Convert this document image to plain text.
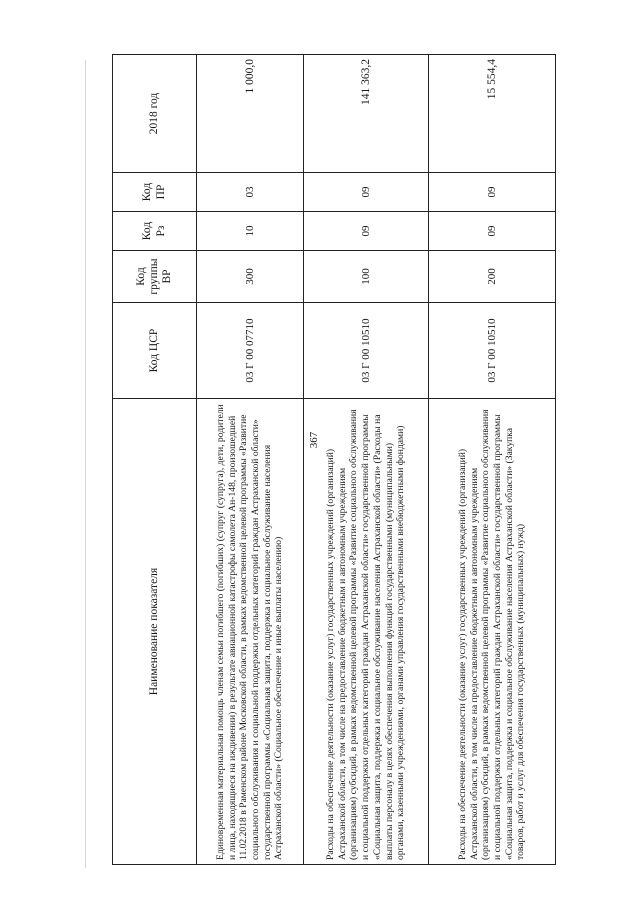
367
Наименование показателя	Код ЦСР	Код группы ВР	Код Рз	Код ПР	2018 год
Единовременная материальная помощь членам семьи погибшего (погибших) (супруг (супруга), дети, родители и лица, находящиеся на иждивении) в результате авиационной катастрофы самолета Ан-148, произошедшей 11.02.2018 в Раменском районе Московской области, в рамках ведомственной целевой программы «Развитие социального обслуживания и социальной поддержки отдельных категорий граждан Астраханской области» государственной программы «Социальная защита, поддержка и социальное обслуживание населения Астраханской области» (Социальное обеспечение и иные выплаты населению)	03 Г 00 07710	300	10	03	1 000,0
Расходы на обеспечение деятельности (оказание услуг) государственных учреждений (организаций) Астраханской области, в том числе на предоставление бюджетным и автономным учреждениям (организациям) субсидий, в рамках ведомственной целевой программы «Развитие социального обслуживания и социальной поддержки отдельных категорий граждан Астраханской области» государственной программы «Социальная защита, поддержка и социальное обслуживание населения Астраханской области» (Расходы на выплаты персоналу в целях обеспечения выполнения функций государственными (муниципальными) органами, казенными учреждениями, органами управления государственными внебюджетными фондами)	03 Г 00 10510	100	09	09	141 363,2
Расходы на обеспечение деятельности (оказание услуг) государственных учреждений (организаций) Астраханской области, в том числе на предоставление бюджетным и автономным учреждениям (организациям) субсидий, в рамках ведомственной целевой программы «Развитие социального обслуживания и социальной поддержки отдельных категорий граждан Астраханской области» государственной программы «Социальная защита, поддержка и социальное обслуживание населения Астраханской области» (Закупка товаров, работ и услуг для обеспечения государственных (муниципальных) нужд)	03 Г 00 10510	200	09	09	15 554,4
